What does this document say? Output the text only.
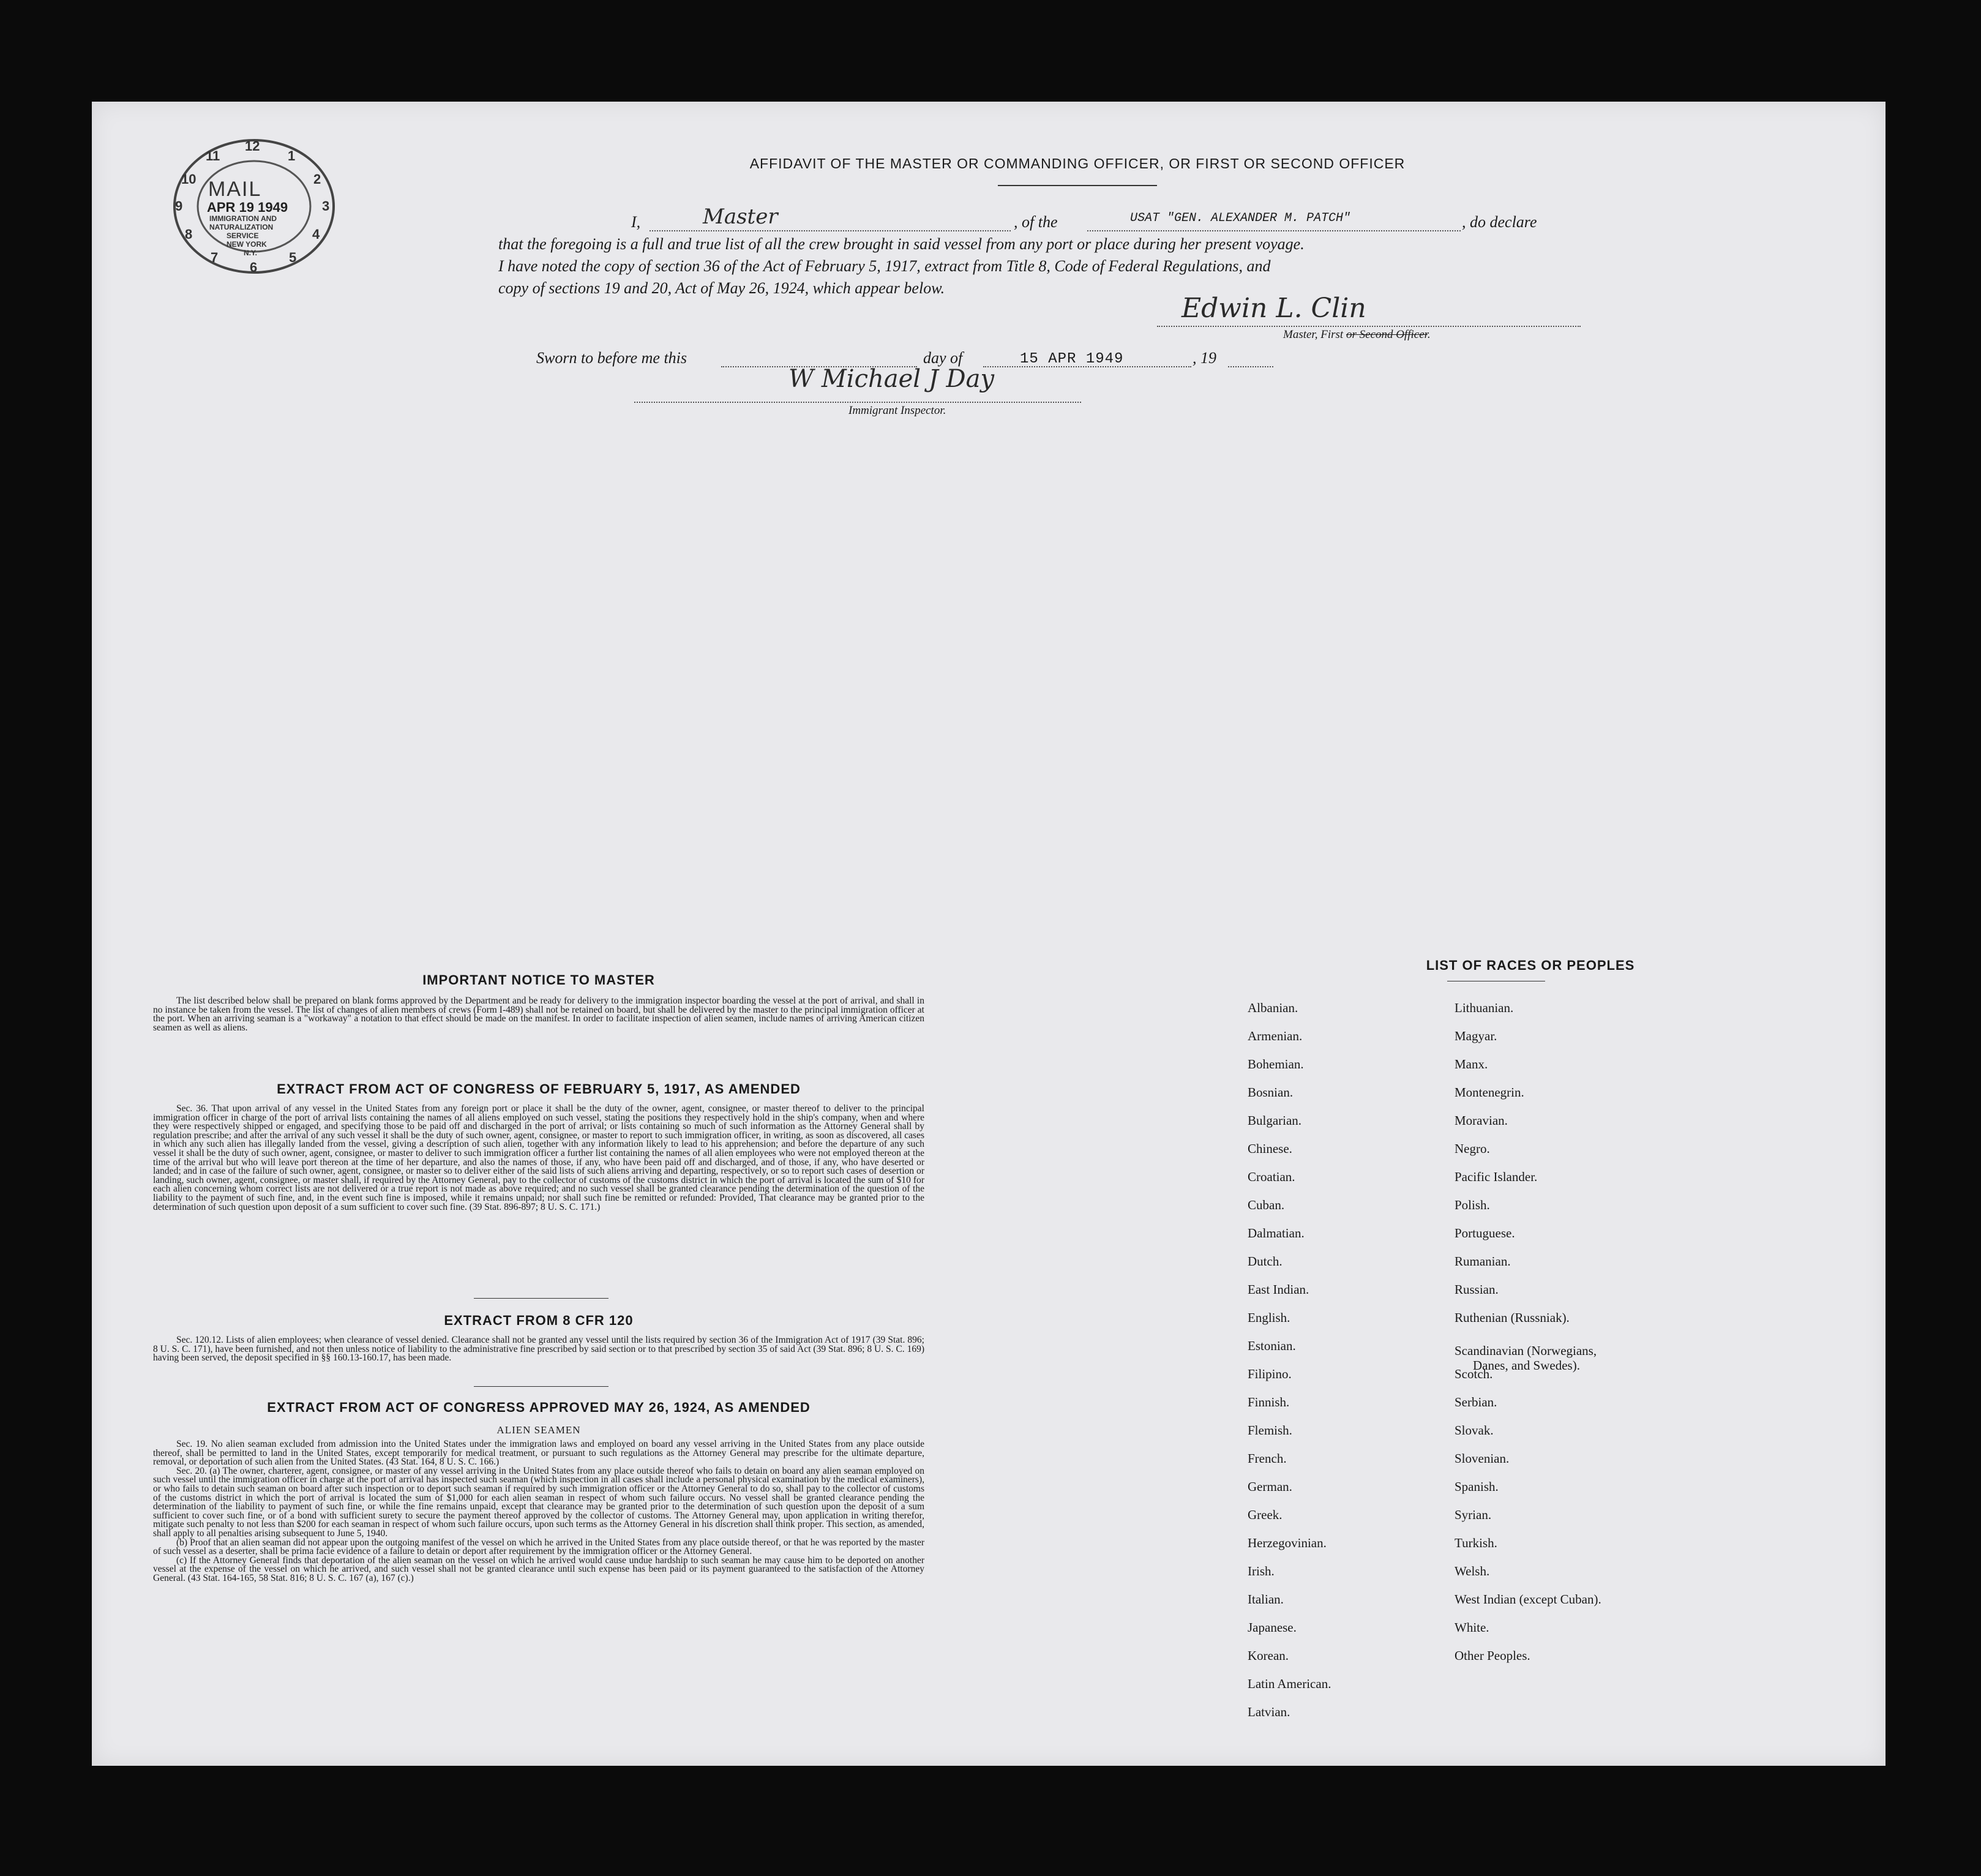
12
1
2
3
4
5
6
7
8
9
10
11
MAIL
APR 19 1949
IMMIGRATION AND
NATURALIZATION
SERVICE
NEW YORK
N.Y.
AFFIDAVIT OF THE MASTER OR COMMANDING OFFICER, OR FIRST OR SECOND OFFICER
I,	Master	, of the	USAT "GEN. ALEXANDER M. PATCH"	, do declare
that the foregoing is a full and true list of all the crew brought in said vessel from any port or place during her present voyage.
I have noted the copy of section 36 of the Act of February 5, 1917, extract from Title 8, Code of Federal Regulations, and
copy of sections 19 and 20, Act of May 26, 1924, which appear below.
Edwin L. Clin
Master, First or Second Officer.
Sworn to before me this	day of	15 APR 1949	, 19
W Michael J Day
Immigrant Inspector.
IMPORTANT NOTICE TO MASTER

The list described below shall be prepared on blank forms approved by the Department and be ready for delivery to the immigration inspector boarding the vessel at the port of arrival, and shall in no instance be taken from the vessel. The list of changes of alien members of crews (Form I-489) shall not be retained on board, but shall be delivered by the master to the principal immigration officer at the port. When an arriving seaman is a "workaway" a notation to that effect should be made on the manifest. In order to facilitate inspection of alien seamen, include names of arriving American citizen seamen as well as aliens.

EXTRACT FROM ACT OF CONGRESS OF FEBRUARY 5, 1917, AS AMENDED

Sec. 36. That upon arrival of any vessel in the United States from any foreign port or place it shall be the duty of the owner, agent, consignee, or master thereof to deliver to the principal immigration officer in charge of the port of arrival lists containing the names of all aliens employed on such vessel, stating the positions they respectively hold in the ship's company, when and where they were respectively shipped or engaged, and specifying those to be paid off and discharged in the port of arrival; or lists containing so much of such information as the Attorney General shall by regulation prescribe; and after the arrival of any such vessel it shall be the duty of such owner, agent, consignee, or master to report to such immigration officer, in writing, as soon as discovered, all cases in which any such alien has illegally landed from the vessel, giving a description of such alien, together with any information likely to lead to his apprehension; and before the departure of any such vessel it shall be the duty of such owner, agent, consignee, or master to deliver to such immigration officer a further list containing the names of all alien employees who were not employed thereon at the time of the arrival but who will leave port thereon at the time of her departure, and also the names of those, if any, who have been paid off and discharged, and of those, if any, who have deserted or landed; and in case of the failure of such owner, agent, consignee, or master so to deliver either of the said lists of such aliens arriving and departing, respectively, or so to report such cases of desertion or landing, such owner, agent, consignee, or master shall, if required by the Attorney General, pay to the collector of customs of the customs district in which the port of arrival is located the sum of $10 for each alien concerning whom correct lists are not delivered or a true report is not made as above required; and no such vessel shall be granted clearance pending the determination of the question of the liability to the payment of such fine, and, in the event such fine is imposed, while it remains unpaid; nor shall such fine be remitted or refunded: Provided, That clearance may be granted prior to the determination of such question upon deposit of a sum sufficient to cover such fine. (39 Stat. 896-897; 8 U. S. C. 171.)

EXTRACT FROM 8 CFR 120

Sec. 120.12. Lists of alien employees; when clearance of vessel denied. Clearance shall not be granted any vessel until the lists required by section 36 of the Immigration Act of 1917 (39 Stat. 896; 8 U. S. C. 171), have been furnished, and not then unless notice of liability to the administrative fine prescribed by said section or to that prescribed by section 35 of said Act (39 Stat. 896; 8 U. S. C. 169) having been served, the deposit specified in §§ 160.13-160.17, has been made.

EXTRACT FROM ACT OF CONGRESS APPROVED MAY 26, 1924, AS AMENDED
ALIEN SEAMEN

Sec. 19. No alien seaman excluded from admission into the United States under the immigration laws and employed on board any vessel arriving in the United States from any place outside thereof, shall be permitted to land in the United States, except temporarily for medical treatment, or pursuant to such regulations as the Attorney General may prescribe for the ultimate departure, removal, or deportation of such alien from the United States. (43 Stat. 164, 8 U. S. C. 166.)

Sec. 20. (a) The owner, charterer, agent, consignee, or master of any vessel arriving in the United States from any place outside thereof who fails to detain on board any alien seaman employed on such vessel until the immigration officer in charge at the port of arrival has inspected such seaman (which inspection in all cases shall include a personal physical examination by the medical examiners), or who fails to detain such seaman on board after such inspection or to deport such seaman if required by such immigration officer or the Attorney General to do so, shall pay to the collector of customs of the customs district in which the port of arrival is located the sum of $1,000 for each alien seaman in respect of whom such failure occurs. No vessel shall be granted clearance pending the determination of the liability to payment of such fine, or while the fine remains unpaid, except that clearance may be granted prior to the determination of such question upon the deposit of a sum sufficient to cover such fine, or of a bond with sufficient surety to secure the payment thereof approved by the collector of customs. The Attorney General may, upon application in writing therefor, mitigate such penalty to not less than $200 for each seaman in respect of whom such failure occurs, upon such terms as the Attorney General in his discretion shall think proper. This section, as amended, shall apply to all penalties arising subsequent to June 5, 1940.

(b) Proof that an alien seaman did not appear upon the outgoing manifest of the vessel on which he arrived in the United States from any place outside thereof, or that he was reported by the master of such vessel as a deserter, shall be prima facie evidence of a failure to detain or deport after requirement by the immigration officer or the Attorney General.

(c) If the Attorney General finds that deportation of the alien seaman on the vessel on which he arrived would cause undue hardship to such seaman he may cause him to be deported on another vessel at the expense of the vessel on which he arrived, and such vessel shall not be granted clearance until such expense has been paid or its payment guaranteed to the satisfaction of the Attorney General. (43 Stat. 164-165, 58 Stat. 816; 8 U. S. C. 167 (a), 167 (c).)

LIST OF RACES OR PEOPLES
Albanian.
Armenian.
Bohemian.
Bosnian.
Bulgarian.
Chinese.
Croatian.
Cuban.
Dalmatian.
Dutch.
East Indian.
English.
Estonian.
Filipino.
Finnish.
Flemish.
French.
German.
Greek.
Herzegovinian.
Irish.
Italian.
Japanese.
Korean.
Latin American.
Latvian.
Lithuanian.
Magyar.
Manx.
Montenegrin.
Moravian.
Negro.
Pacific Islander.
Polish.
Portuguese.
Rumanian.
Russian.
Ruthenian (Russniak).
Scandinavian (Norwegians,
Danes, and Swedes).
Scotch.
Serbian.
Slovak.
Slovenian.
Spanish.
Syrian.
Turkish.
Welsh.
West Indian (except Cuban).
White.
Other Peoples.
